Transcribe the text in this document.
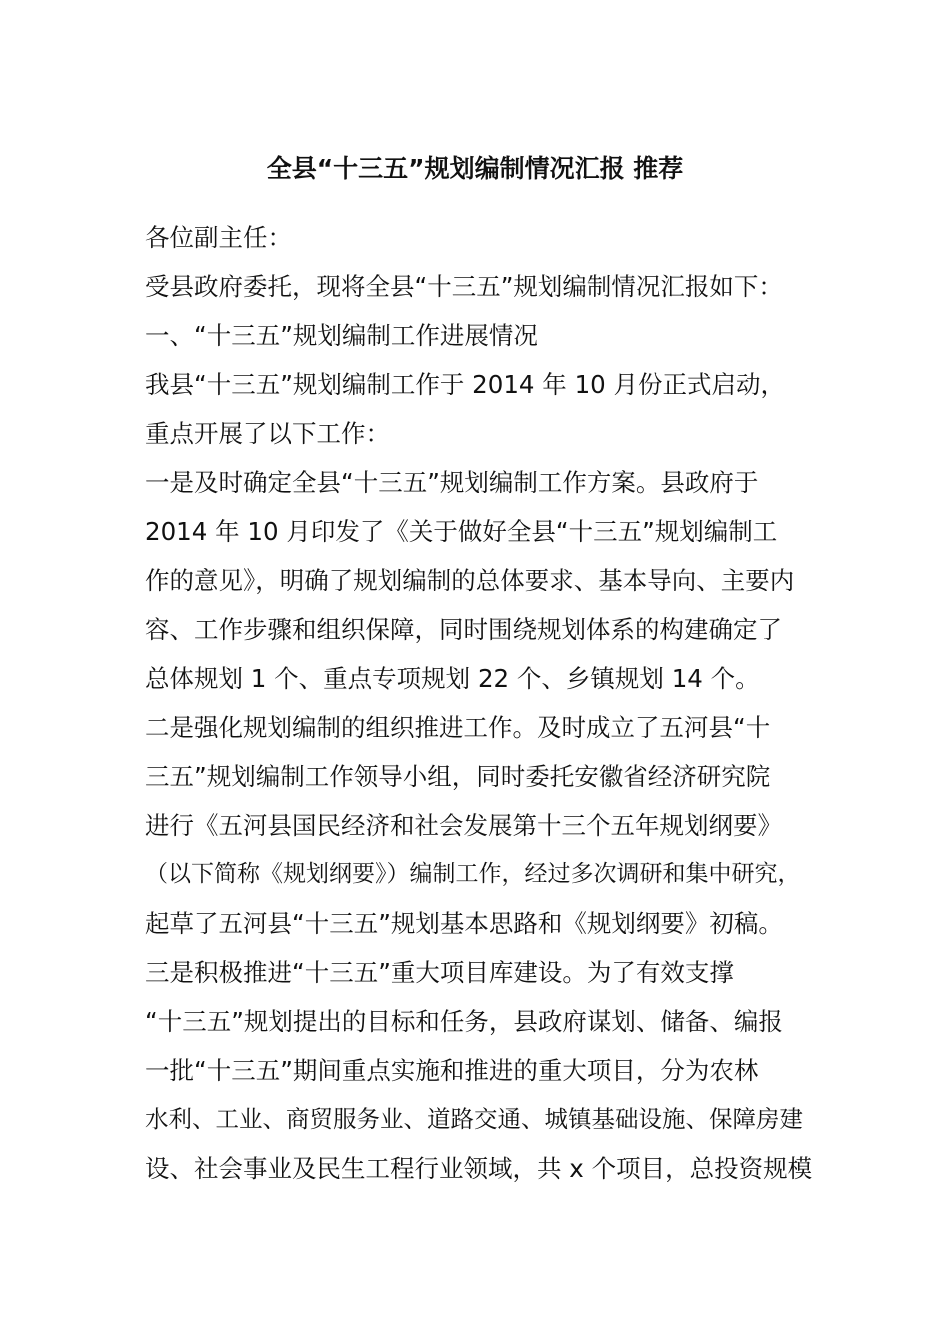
全县“十三五”规划编制情况汇报 推荐
各位副主任：
受县政府委托，现将全县“十三五”规划编制情况汇报如下：
一、“十三五”规划编制工作进展情况
我县“十三五”规划编制工作于 2014 年 10 月份正式启动，
重点开展了以下工作：
一是及时确定全县“十三五”规划编制工作方案。县政府于
2014 年 10 月印发了《关于做好全县“十三五”规划编制工
作的意见》，明确了规划编制的总体要求、基本导向、主要内
容、工作步骤和组织保障，同时围绕规划体系的构建确定了
总体规划 1 个、重点专项规划 22 个、乡镇规划 14 个。
二是强化规划编制的组织推进工作。及时成立了五河县“十
三五”规划编制工作领导小组，同时委托安徽省经济研究院
进行《五河县国民经济和社会发展第十三个五年规划纲要》
（以下简称《规划纲要》）编制工作，经过多次调研和集中研究，
起草了五河县“十三五”规划基本思路和《规划纲要》初稿。
三是积极推进“十三五”重大项目库建设。为了有效支撑
“十三五”规划提出的目标和任务，县政府谋划、储备、编报
一批“十三五”期间重点实施和推进的重大项目，分为农林
水利、工业、商贸服务业、道路交通、城镇基础设施、保障房建
设、社会事业及民生工程行业领域，共 x 个项目，总投资规模
